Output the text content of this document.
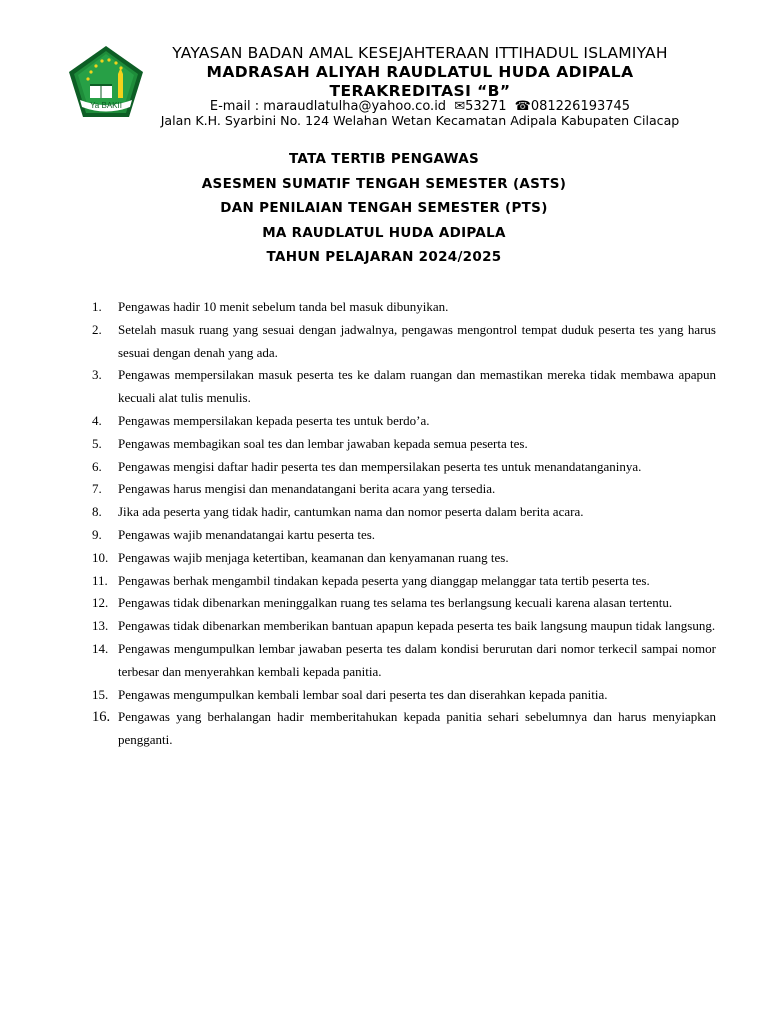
Ya BAKII
YAYASAN BADAN AMAL KESEJAHTERAAN ITTIHADUL ISLAMIYAH
MADRASAH ALIYAH RAUDLATUL HUDA ADIPALA
TERAKREDITASI “B”
E-mail : maraudlatulha@yahoo.co.id ✉53271 ☎081226193745
Jalan K.H. Syarbini No. 124 Welahan Wetan Kecamatan Adipala Kabupaten Cilacap
TATA TERTIB PENGAWAS
ASESMEN SUMATIF TENGAH SEMESTER (ASTS)
DAN PENILAIAN TENGAH SEMESTER (PTS)
MA RAUDLATUL HUDA ADIPALA
TAHUN PELAJARAN 2024/2025
1.	Pengawas hadir 10 menit sebelum tanda bel masuk dibunyikan.
2.	Setelah masuk ruang yang sesuai dengan jadwalnya, pengawas mengontrol tempat duduk peserta tes yang harus sesuai dengan denah yang ada.
3.	Pengawas mempersilakan masuk peserta tes ke dalam ruangan dan memastikan mereka tidak membawa apapun kecuali alat tulis menulis.
4.	Pengawas mempersilakan kepada peserta tes untuk berdo’a.
5.	Pengawas membagikan soal tes dan lembar jawaban kepada semua peserta tes.
6.	Pengawas mengisi daftar hadir peserta tes dan mempersilakan peserta tes untuk menandatanganinya.
7.	Pengawas harus mengisi dan menandatangani berita acara yang tersedia.
8.	Jika ada peserta yang tidak hadir, cantumkan nama dan nomor peserta dalam berita acara.
9.	Pengawas wajib menandatangai kartu peserta tes.
10. Pengawas wajib menjaga ketertiban, keamanan dan kenyamanan ruang tes.
11. Pengawas berhak mengambil tindakan kepada peserta yang dianggap melanggar tata tertib peserta tes.
12. Pengawas tidak dibenarkan meninggalkan ruang tes selama tes berlangsung kecuali karena alasan tertentu.
13. Pengawas tidak dibenarkan memberikan bantuan apapun kepada peserta tes baik langsung maupun tidak langsung.
14. Pengawas mengumpulkan lembar jawaban peserta tes dalam kondisi berurutan dari nomor terkecil sampai nomor terbesar dan menyerahkan kembali kepada panitia.
15. Pengawas mengumpulkan kembali lembar soal dari peserta tes dan diserahkan kepada panitia.
16. Pengawas yang berhalangan hadir memberitahukan kepada panitia sehari sebelumnya dan harus menyiapkan pengganti.
